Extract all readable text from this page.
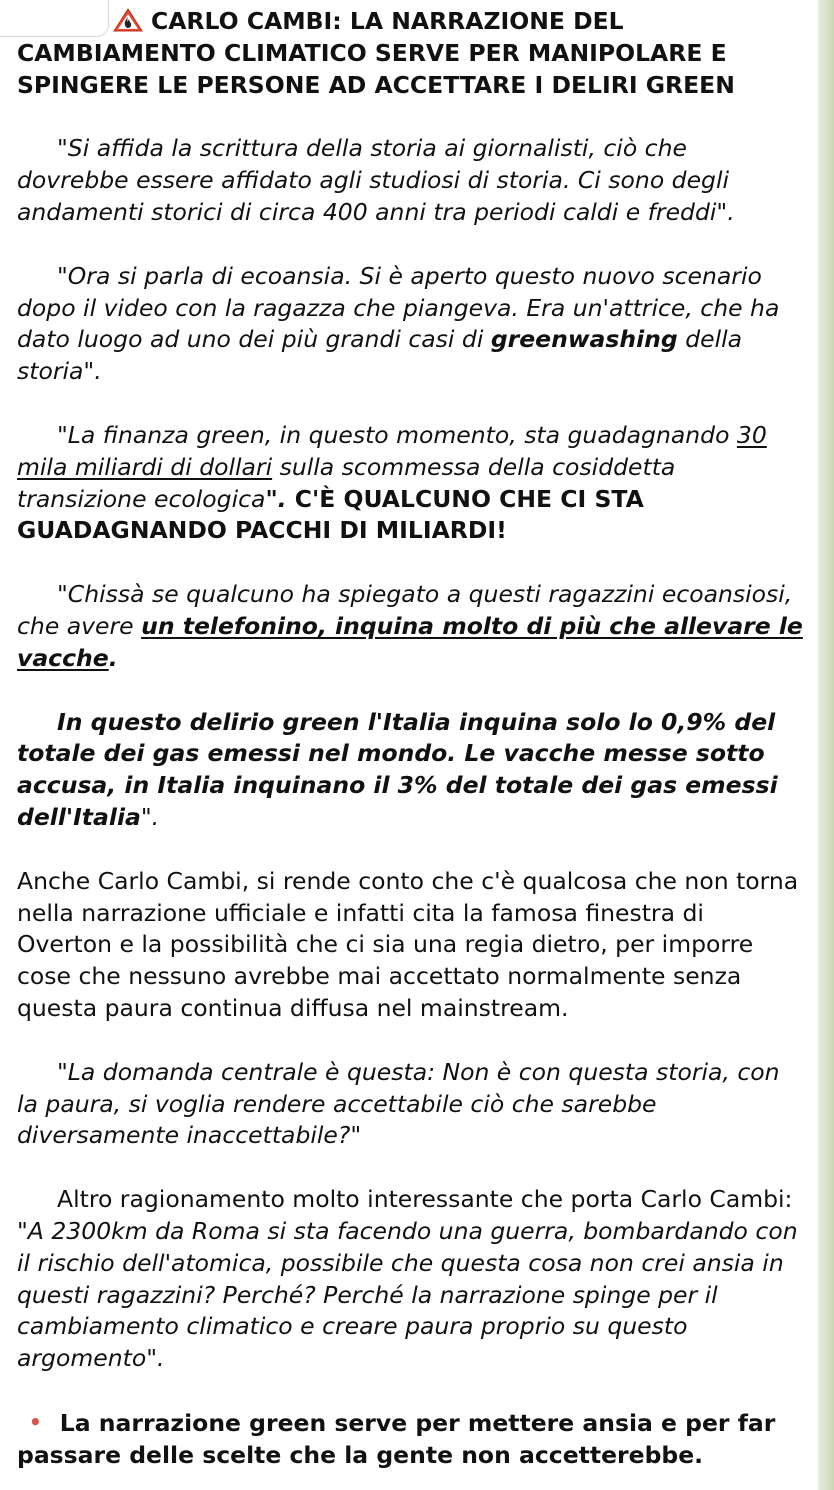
CARLO CAMBI: LA NARRAZIONE DEL
CAMBIAMENTO CLIMATICO SERVE PER MANIPOLARE E
SPINGERE LE PERSONE AD ACCETTARE I DELIRI GREEN

"Si affida la scrittura della storia ai giornalisti, ciò che dovrebbe essere affidato agli studiosi di storia. Ci sono degli andamenti storici di circa 400 anni tra periodi caldi e freddi".

"Ora si parla di ecoansia. Si è aperto questo nuovo scenario dopo il video con la ragazza che piangeva. Era un'attrice, che ha dato luogo ad uno dei più grandi casi di greenwashing della storia".

"La finanza green, in questo momento, sta guadagnando 30 mila miliardi di dollari sulla scommessa della cosiddetta transizione ecologica". C'È QUALCUNO CHE CI STA GUADAGNANDO PACCHI DI MILIARDI!

"Chissà se qualcuno ha spiegato a questi ragazzini ecoansiosi, che avere un telefonino, inquina molto di più che allevare le vacche.

In questo delirio green l'Italia inquina solo lo 0,9% del totale dei gas emessi nel mondo. Le vacche messe sotto accusa, in Italia inquinano il 3% del totale dei gas emessi dell'Italia".

Anche Carlo Cambi, si rende conto che c'è qualcosa che non torna nella narrazione ufficiale e infatti cita la famosa finestra di Overton e la possibilità che ci sia una regia dietro, per imporre cose che nessuno avrebbe mai accettato normalmente senza questa paura continua diffusa nel mainstream.

"La domanda centrale è questa: Non è con questa storia, con la paura, si voglia rendere accettabile ciò che sarebbe diversamente inaccettabile?"

Altro ragionamento molto interessante che porta Carlo Cambi: "A 2300km da Roma si sta facendo una guerra, bombardando con il rischio dell'atomica, possibile che questa cosa non crei ansia in questi ragazzini? Perché? Perché la narrazione spinge per il cambiamento climatico e creare paura proprio su questo argomento".

• La narrazione green serve per mettere ansia e per far passare delle scelte che la gente non accetterebbe.
